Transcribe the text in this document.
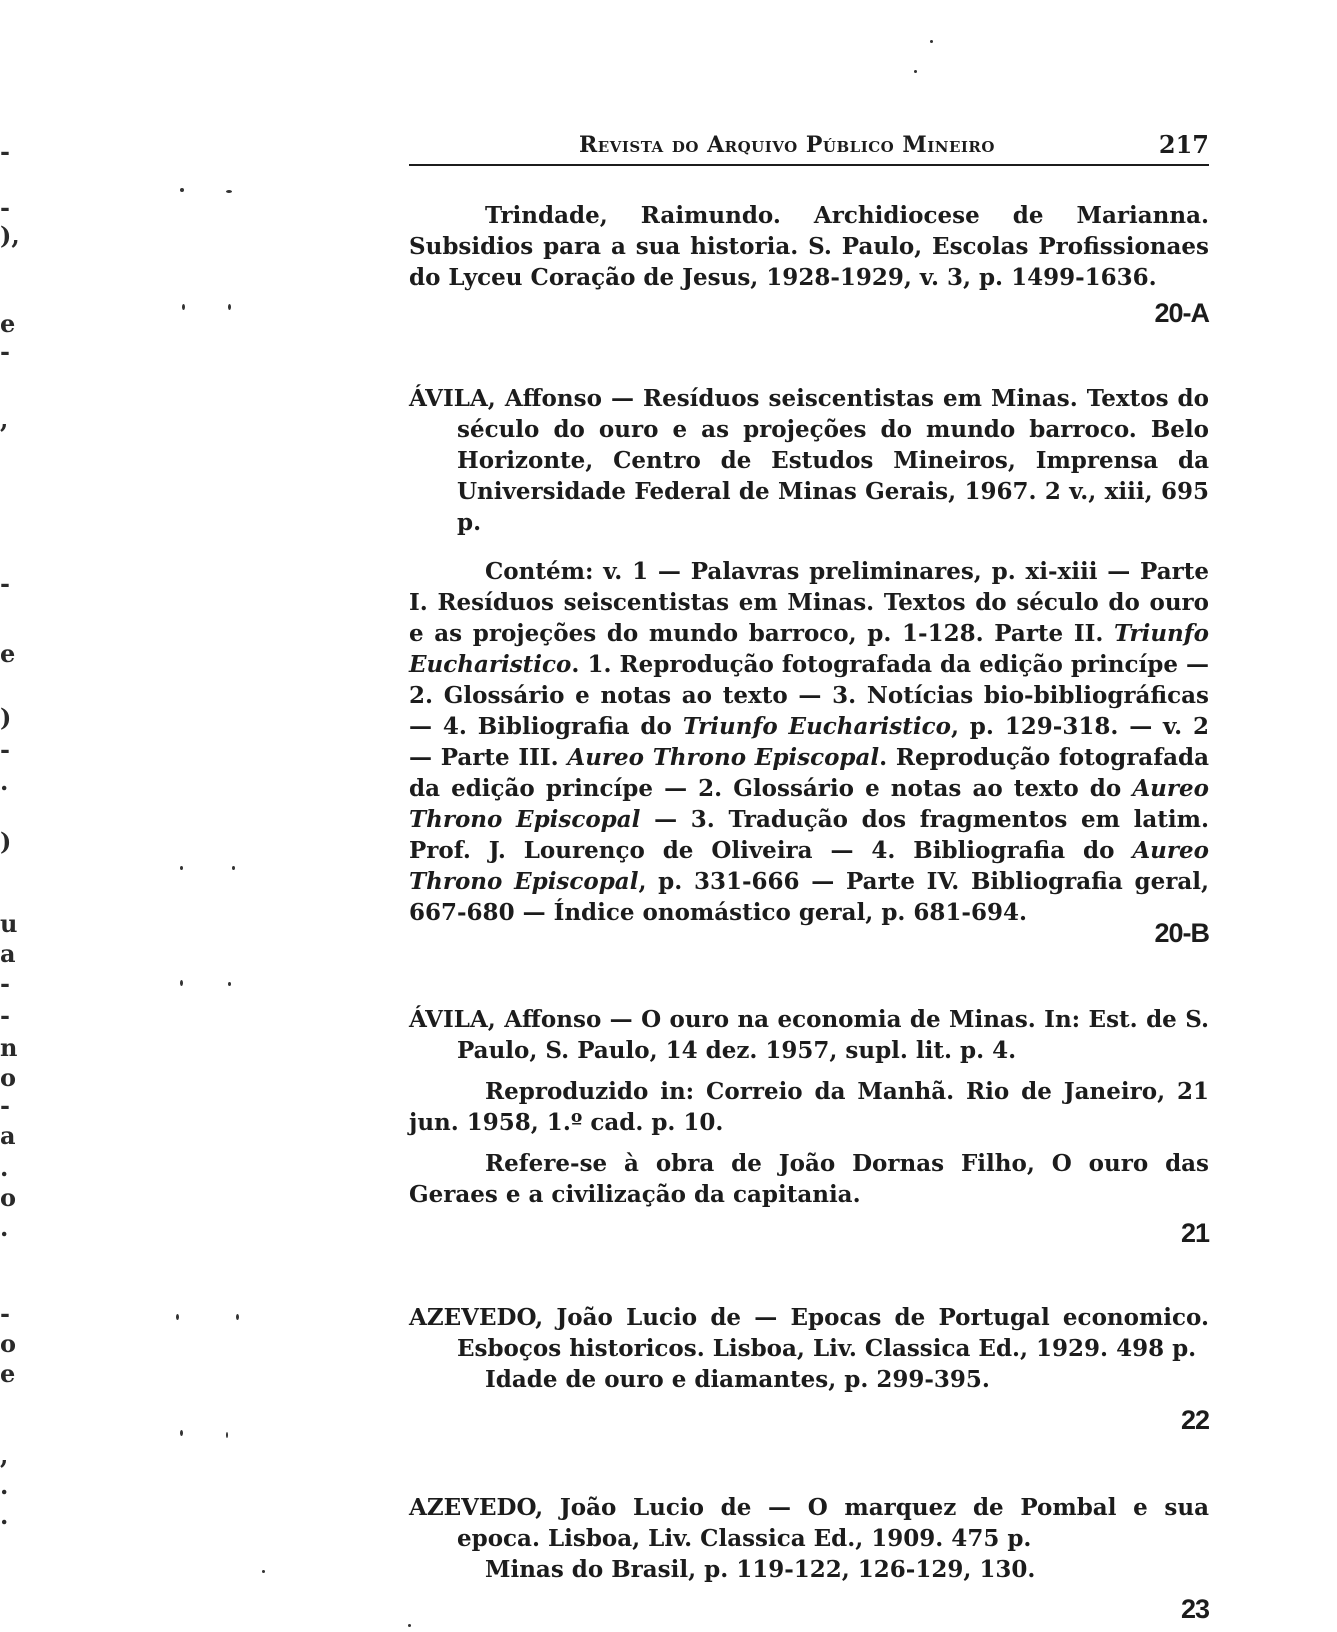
-
-
),
e
-
,
-
e
)
-
.
)
u
a
-
-
n
o
-
a
.
o
.
-
o
e
,
.
.
Revista do Arquivo Público Mineiro	217

Trindade, Raimundo. Archidiocese de Marianna. Subsidios para a sua historia. S. Paulo, Escolas Profissionaes do Lyceu Coração de Jesus, 1928-1929, v. 3, p. 1499-1636.

20-A

ÁVILA, Affonso — Resíduos seiscentistas em Minas. Textos do século do ouro e as projeções do mundo barroco. Belo Horizonte, Centro de Estudos Mineiros, Imprensa da Universidade Federal de Minas Gerais, 1967. 2 v., xiii, 695 p.

Contém: v. 1 — Palavras preliminares, p. xi-xiii — Parte I. Resíduos seiscentistas em Minas. Textos do século do ouro e as projeções do mundo barroco, p. 1-128. Parte II. Triunfo Eucharistico. 1. Reprodução fotografada da edição princípe — 2. Glossário e notas ao texto — 3. Notícias bio-bibliográficas — 4. Bibliografia do Triunfo Eucharistico, p. 129-318. — v. 2 — Parte III. Aureo Throno Episcopal. Reprodução fotografada da edição princípe — 2. Glossário e notas ao texto do Aureo Throno Episcopal — 3. Tradução dos fragmentos em latim. Prof. J. Lourenço de Oliveira — 4. Bibliografia do Aureo Throno Episcopal, p. 331-666 — Parte IV. Bibliografia geral, 667-680 — Índice onomástico geral, p. 681-694.

20-B

ÁVILA, Affonso — O ouro na economia de Minas. In: Est. de S. Paulo, S. Paulo, 14 dez. 1957, supl. lit. p. 4.

Reproduzido in: Correio da Manhã. Rio de Janeiro, 21 jun. 1958, 1.º cad. p. 10.

Refere-se à obra de João Dornas Filho, O ouro das Geraes e a civilização da capitania.

21

AZEVEDO, João Lucio de — Epocas de Portugal economico. Esboços historicos. Lisboa, Liv. Classica Ed., 1929. 498 p.

Idade de ouro e diamantes, p. 299-395.

22

AZEVEDO, João Lucio de — O marquez de Pombal e sua epoca. Lisboa, Liv. Classica Ed., 1909. 475 p.

Minas do Brasil, p. 119-122, 126-129, 130.

23
